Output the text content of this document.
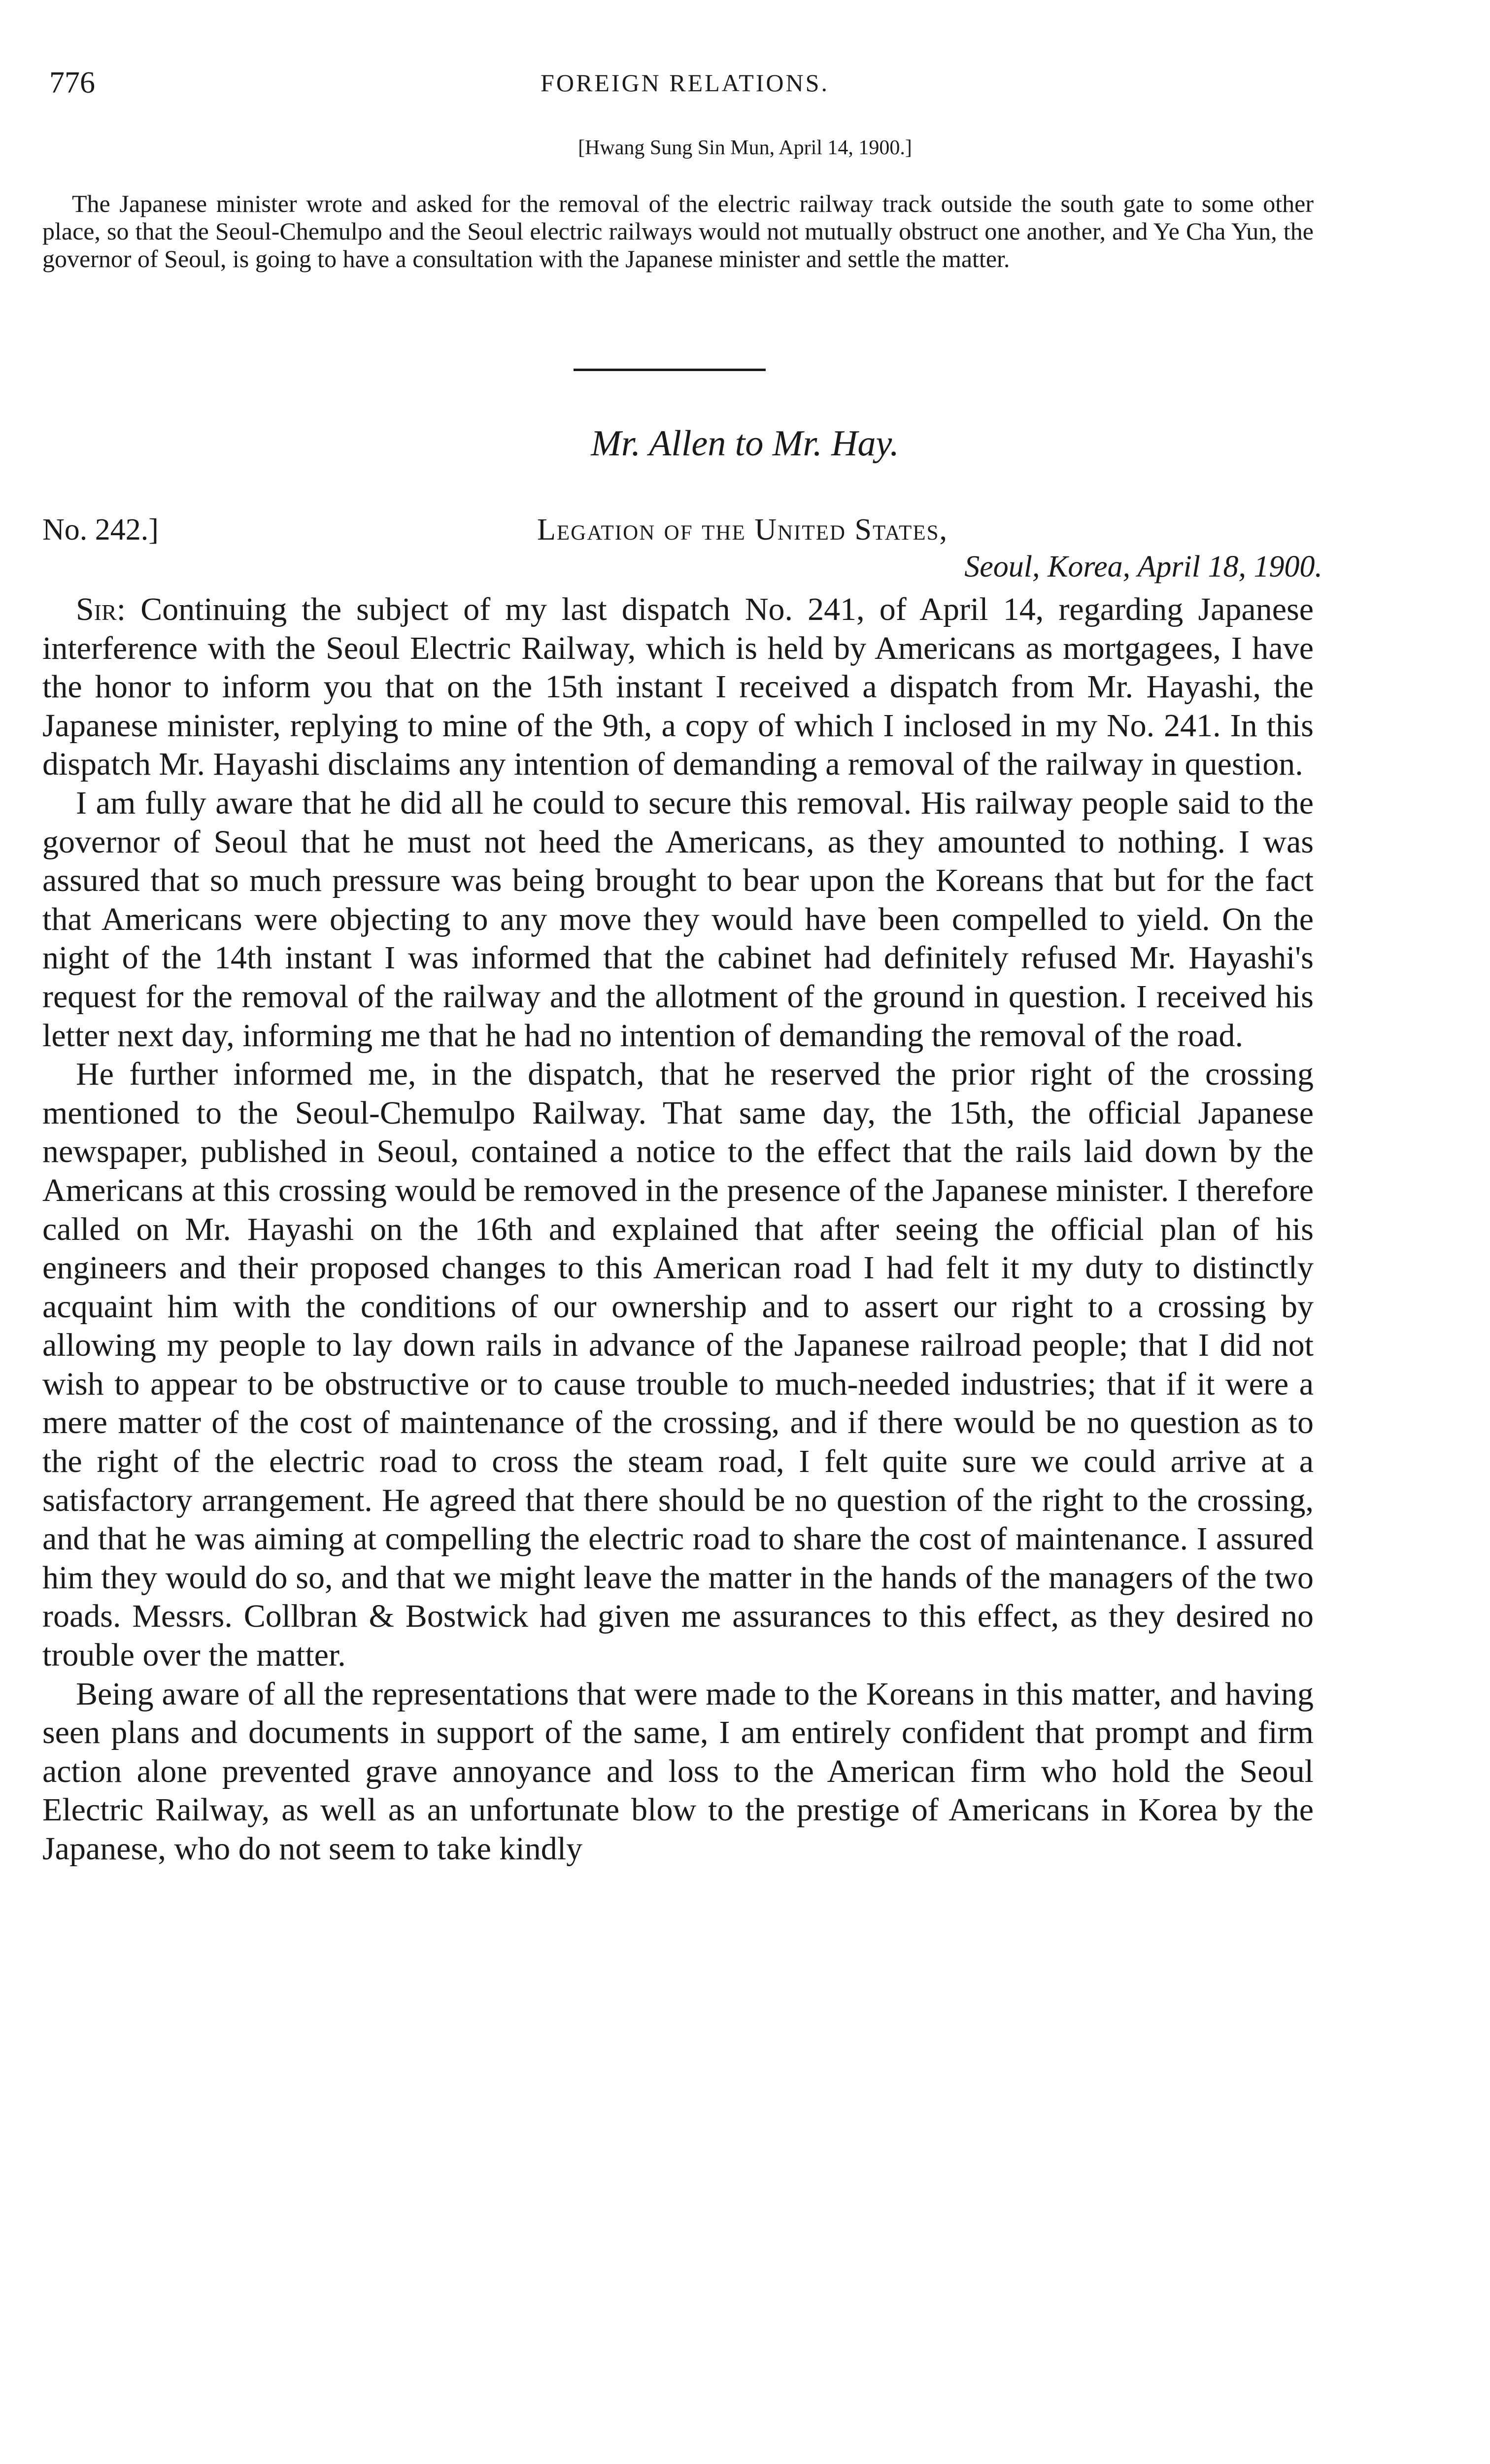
776	FOREIGN RELATIONS.
[Hwang Sung Sin Mun, April 14, 1900.]

The Japanese minister wrote and asked for the removal of the electric railway track outside the south gate to some other place, so that the Seoul-Chemulpo and the Seoul electric railways would not mutually obstruct one another, and Ye Cha Yun, the governor of Seoul, is going to have a consultation with the Japanese minister and settle the matter.

Mr. Allen to Mr. Hay.
No. 242.]	Legation of the United States,
Seoul, Korea, April 18, 1900.

Sir: Continuing the subject of my last dispatch No. 241, of April 14, regarding Japanese interference with the Seoul Electric Railway, which is held by Americans as mortgagees, I have the honor to inform you that on the 15th instant I received a dispatch from Mr. Hayashi, the Japanese minister, replying to mine of the 9th, a copy of which I inclosed in my No. 241. In this dispatch Mr. Hayashi disclaims any intention of demanding a removal of the railway in question.

I am fully aware that he did all he could to secure this removal. His railway people said to the governor of Seoul that he must not heed the Americans, as they amounted to nothing. I was assured that so much pressure was being brought to bear upon the Koreans that but for the fact that Americans were objecting to any move they would have been compelled to yield. On the night of the 14th instant I was informed that the cabinet had definitely refused Mr. Hayashi's request for the removal of the railway and the allotment of the ground in question. I received his letter next day, informing me that he had no intention of demanding the removal of the road.

He further informed me, in the dispatch, that he reserved the prior right of the crossing mentioned to the Seoul-Chemulpo Railway. That same day, the 15th, the official Japanese newspaper, published in Seoul, contained a notice to the effect that the rails laid down by the Americans at this crossing would be removed in the presence of the Japanese minister. I therefore called on Mr. Hayashi on the 16th and explained that after seeing the official plan of his engineers and their proposed changes to this American road I had felt it my duty to distinctly acquaint him with the conditions of our ownership and to assert our right to a crossing by allowing my people to lay down rails in advance of the Japanese railroad people; that I did not wish to appear to be obstructive or to cause trouble to much-needed industries; that if it were a mere matter of the cost of maintenance of the crossing, and if there would be no question as to the right of the electric road to cross the steam road, I felt quite sure we could arrive at a satisfactory arrangement. He agreed that there should be no question of the right to the crossing, and that he was aiming at compelling the electric road to share the cost of maintenance. I assured him they would do so, and that we might leave the matter in the hands of the managers of the two roads. Messrs. Collbran & Bostwick had given me assurances to this effect, as they desired no trouble over the matter.

Being aware of all the representations that were made to the Koreans in this matter, and having seen plans and documents in support of the same, I am entirely confident that prompt and firm action alone prevented grave annoyance and loss to the American firm who hold the Seoul Electric Railway, as well as an unfortunate blow to the prestige of Americans in Korea by the Japanese, who do not seem to take kindly
